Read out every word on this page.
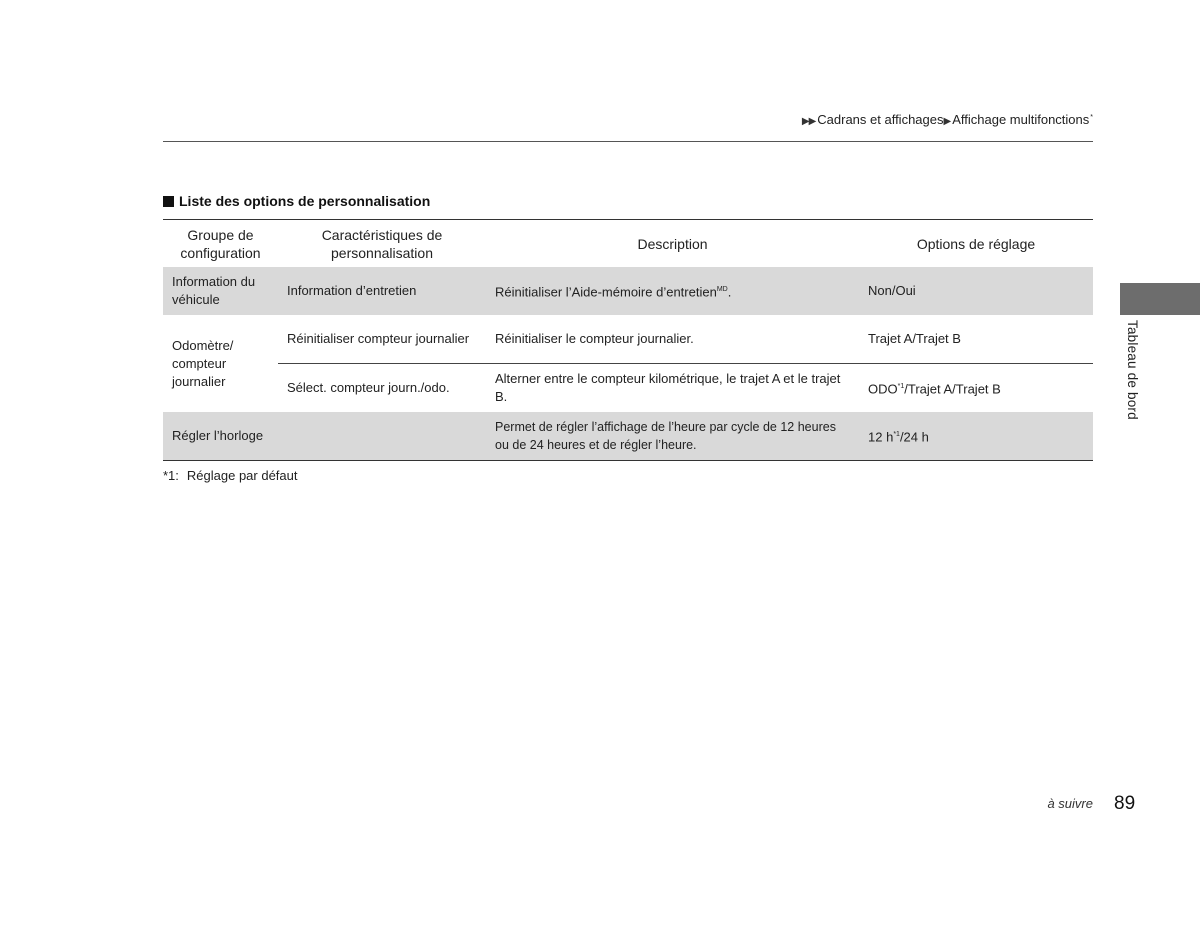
▶▶ Cadrans et affichages▶ Affichage multifonctions*
Liste des options de personnalisation
Groupe de configuration	Caractéristiques de personnalisation	Description	Options de réglage
Information du véhicule	Information d’entretien	Réinitialiser l’Aide-mémoire d’entretien$^{MD}$.	Non/Oui
Odomètre/ compteur journalier	Réinitialiser compteur journalier	Réinitialiser le compteur journalier.	Trajet A/Trajet B
	Sélect. compteur journ./odo.	Alterner entre le compteur kilométrique, le trajet A et le trajet B.	ODO$^{*1}$/Trajet A/Trajet B
Régler l’horloge		Permet de régler l’affichage de l’heure par cycle de 12 heures ou de 24 heures et de régler l’heure.	12 $h^{*1}/24$ h
*1: Réglage par défaut
Tableau de bord
à suivre 89
